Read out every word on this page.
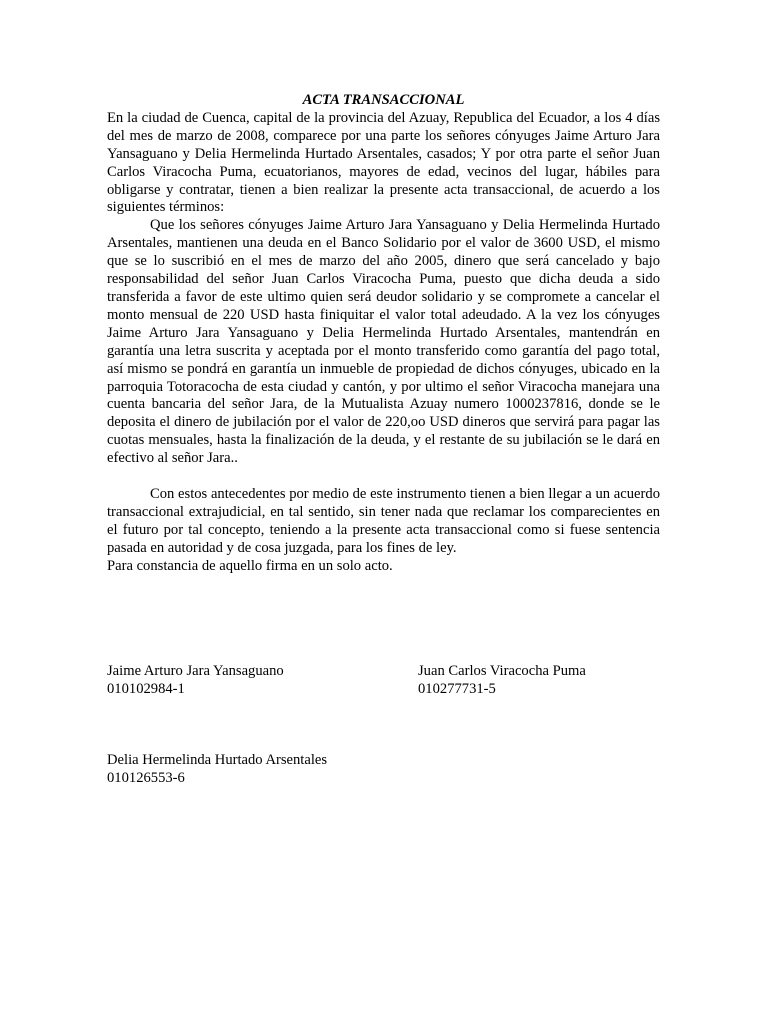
ACTA TRANSACCIONAL

En la ciudad de Cuenca, capital de la provincia del Azuay, Republica del Ecuador, a los 4 días del mes de marzo de 2008, comparece por una parte los señores cónyuges Jaime Arturo Jara Yansaguano y Delia Hermelinda Hurtado Arsentales, casados; Y por otra parte el señor Juan Carlos Viracocha Puma, ecuatorianos, mayores de edad, vecinos del lugar, hábiles para obligarse y contratar, tienen a bien realizar la presente acta transaccional, de acuerdo a los siguientes términos:

Que los señores cónyuges Jaime Arturo Jara Yansaguano y Delia Hermelinda Hurtado Arsentales, mantienen una deuda en el Banco Solidario por el valor de 3600 USD, el mismo que se lo suscribió en el mes de marzo del año 2005, dinero que será cancelado y bajo responsabilidad del señor Juan Carlos Viracocha Puma, puesto que dicha deuda a sido transferida a favor de este ultimo quien será deudor solidario y se compromete a cancelar el monto mensual de 220 USD hasta finiquitar el valor total adeudado. A la vez los cónyuges Jaime Arturo Jara Yansaguano y Delia Hermelinda Hurtado Arsentales, mantendrán en garantía una letra suscrita y aceptada por el monto transferido como garantía del pago total, así mismo se pondrá en garantía un inmueble de propiedad de dichos cónyuges, ubicado en la parroquia Totoracocha de esta ciudad y cantón, y por ultimo el señor Viracocha manejara una cuenta bancaria del señor Jara, de la Mutualista Azuay numero 1000237816, donde se le deposita el dinero de jubilación por el valor de 220,oo USD dineros que servirá para pagar las cuotas mensuales, hasta la finalización de la deuda, y el restante de su jubilación se le dará en efectivo al señor Jara..

Con estos antecedentes por medio de este instrumento tienen a bien llegar a un acuerdo transaccional extrajudicial, en tal sentido, sin tener nada que reclamar los comparecientes en el futuro por tal concepto, teniendo a la presente acta transaccional como si fuese sentencia pasada en autoridad y de cosa juzgada, para los fines de ley.

Para constancia de aquello firma en un solo acto.

Jaime Arturo Jara Yansaguano
010102984-1
Juan Carlos Viracocha Puma
010277731-5
Delia Hermelinda Hurtado Arsentales
010126553-6
